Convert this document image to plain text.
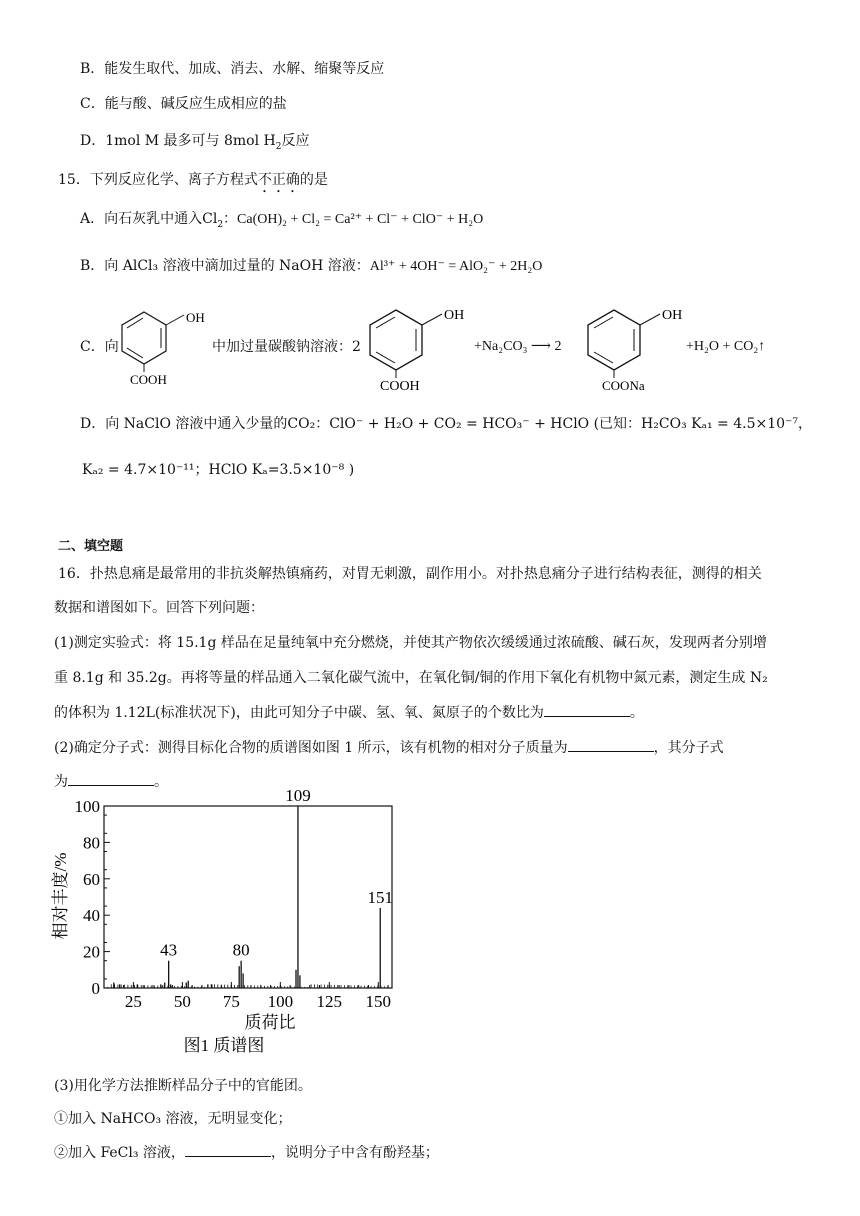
B．能发生取代、加成、消去、水解、缩聚等反应
C．能与酸、碱反应生成相应的盐
D．1mol M 最多可与 8mol $H_2$反应
15．下列反应化学、离子方程式不正确的是
A．向石灰乳中通入$Cl_2$：Ca(OH)₂ + Cl₂ = Ca²⁺ + Cl⁻ + ClO⁻ + H₂O
B．向 AlCl₃ 溶液中滴加过量的 NaOH 溶液：Al³⁺ + 4OH⁻ = AlO₂⁻ + 2H₂O
C．向
OH
COOH
中加过量碳酸钠溶液：2
OH
COOH
+Na₂CO₃ ⟶ 2
OH
COONa
+H₂O + CO₂↑
D．向 NaClO 溶液中通入少量的CO₂：ClO⁻ + H₂O + CO₂ = HCO₃⁻ + HClO (已知：H₂CO₃ Kₐ₁ = 4.5×10⁻⁷，
Kₐ₂ = 4.7×10⁻¹¹；HClO Kₐ=3.5×10⁻⁸ )
二、填空题
16．扑热息痛是最常用的非抗炎解热镇痛药，对胃无刺激，副作用小。对扑热息痛分子进行结构表征，测得的相关
数据和谱图如下。回答下列问题：
(1)测定实验式：将 15.1g 样品在足量纯氧中充分燃烧，并使其产物依次缓缓通过浓硫酸、碱石灰，发现两者分别增
重 8.1g 和 35.2g。再将等量的样品通入二氧化碳气流中，在氧化铜/铜的作用下氧化有机物中氮元素，测定生成 N₂
的体积为 1.12L(标准状况下)，由此可知分子中碳、氢、氧、氮原子的个数比为	。
(2)确定分子式：测得目标化合物的质谱图如图 1 所示，该有机物的相对分子质量为	，其分子式
为	。
0
20
40
60
80
100
25 50 75 100 125 150
43	80
109
151
相对丰度/%
质荷比
图1 质谱图
(3)用化学方法推断样品分子中的官能团。
①加入 NaHCO₃ 溶液，无明显变化；
②加入 FeCl₃ 溶液，	，说明分子中含有酚羟基；
